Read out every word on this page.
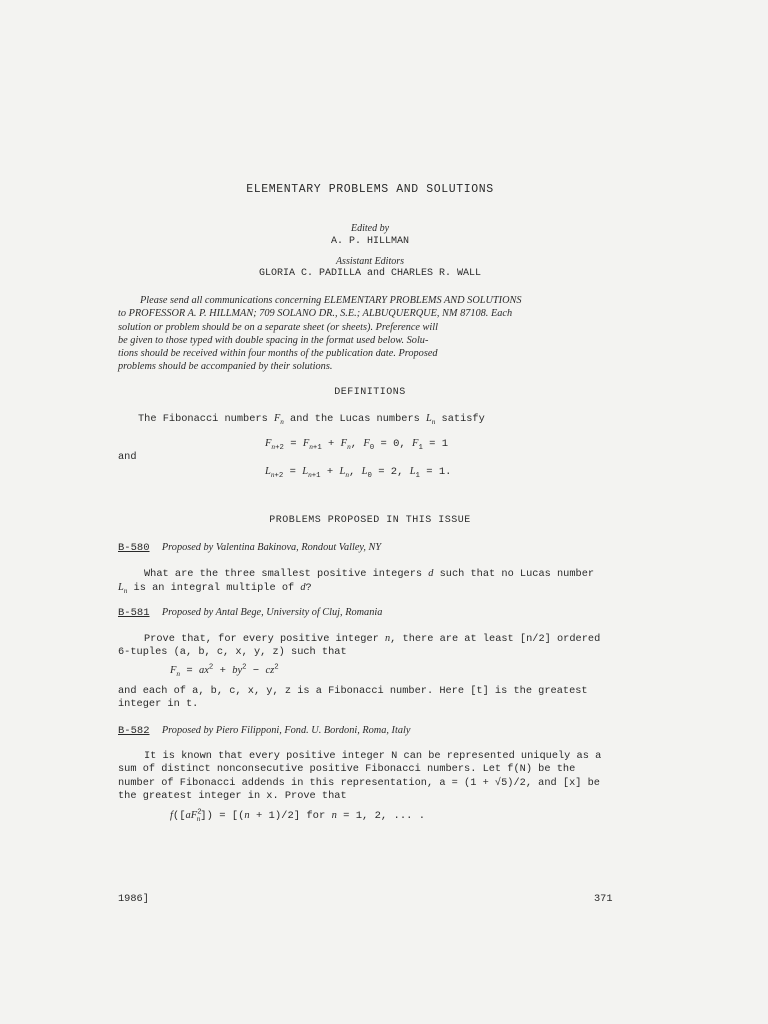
ELEMENTARY PROBLEMS AND SOLUTIONS
Edited by
A. P. HILLMAN
Assistant Editors
GLORIA C. PADILLA and CHARLES R. WALL
Please send all communications concerning ELEMENTARY PROBLEMS AND SOLUTIONS
to PROFESSOR A. P. HILLMAN; 709 SOLANO DR., S.E.; ALBUQUERQUE, NM 87108. Each
solution or problem should be on a separate sheet (or sheets). Preference will
be given to those typed with double spacing in the format used below. Solu-
tions should be received within four months of the publication date. Proposed
problems should be accompanied by their solutions.
DEFINITIONS
The Fibonacci numbers $F_n$ and the Lucas numbers $L_n$ satisfy
$F_{n+2} = F_{n+1} + F_n$, $F_0 = 0$, $F_1 = 1$
and
$L_{n+2} = L_{n+1} + L_n$, $L_0 = 2$, $L_1 = 1$.
PROBLEMS PROPOSED IN THIS ISSUE
B-580 Proposed by Valentina Bakinova, Rondout Valley, NY
What are the three smallest positive integers d such that no Lucas number
$L_n$ is an integral multiple of d?
B-581 Proposed by Antal Bege, University of Cluj, Romania
Prove that, for every positive integer n, there are at least [n/2] ordered
6-tuples (a, b, c, x, y, z) such that
$F_n = ax^2 + by^2 - cz^2$
and each of a, b, c, x, y, z is a Fibonacci number. Here [t] is the greatest
integer in t.
B-582 Proposed by Piero Filipponi, Fond. U. Bordoni, Roma, Italy
It is known that every positive integer N can be represented uniquely as a
sum of distinct nonconsecutive positive Fibonacci numbers. Let f(N) be the
number of Fibonacci addends in this representation, a = (1 + √5)/2, and [x] be
the greatest integer in x. Prove that
$f([aF^2_n]) = [(n + 1)/2]$ for n = 1, 2, ... .
1986]	371
